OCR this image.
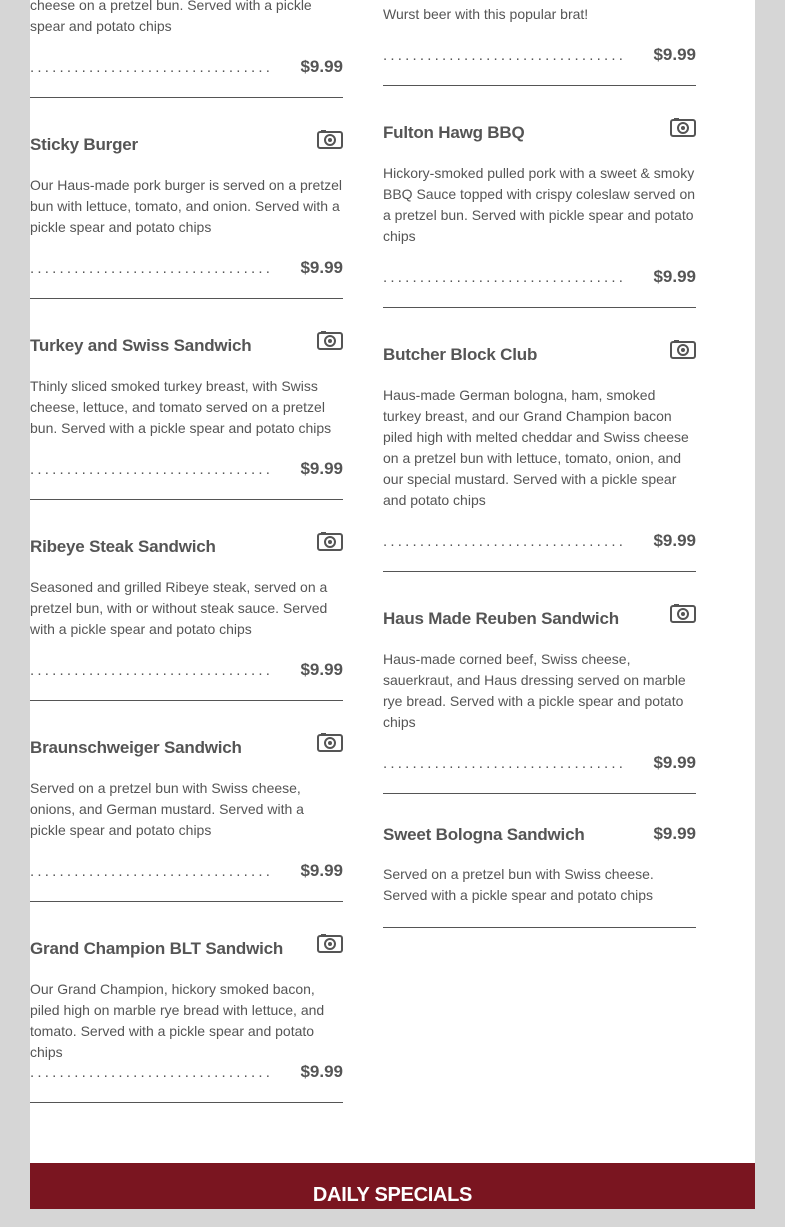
cheese on a pretzel bun. Served with a pickle spear and potato chips
.................................	$9.99
Sticky Burger
Our Haus-made pork burger is served on a pretzel bun with lettuce, tomato, and onion. Served with a pickle spear and potato chips
.................................	$9.99
Turkey and Swiss Sandwich
Thinly sliced smoked turkey breast, with Swiss cheese, lettuce, and tomato served on a pretzel bun. Served with a pickle spear and potato chips
.................................	$9.99
Ribeye Steak Sandwich
Seasoned and grilled Ribeye steak, served on a pretzel bun, with or without steak sauce. Served with a pickle spear and potato chips
.................................	$9.99
Braunschweiger Sandwich
Served on a pretzel bun with Swiss cheese, onions, and German mustard. Served with a pickle spear and potato chips
.................................	$9.99
Grand Champion BLT Sandwich
Our Grand Champion, hickory smoked bacon, piled high on marble rye bread with lettuce, and tomato. Served with a pickle spear and potato chips
.................................	$9.99
Wurst beer with this popular brat!
.................................	$9.99
Fulton Hawg BBQ
Hickory-smoked pulled pork with a sweet & smoky BBQ Sauce topped with crispy coleslaw served on a pretzel bun. Served with pickle spear and potato chips
.................................	$9.99
Butcher Block Club
Haus-made German bologna, ham, smoked turkey breast, and our Grand Champion bacon piled high with melted cheddar and Swiss cheese on a pretzel bun with lettuce, tomato, onion, and our special mustard. Served with a pickle spear and potato chips
.................................	$9.99
Haus Made Reuben Sandwich
Haus-made corned beef, Swiss cheese, sauerkraut, and Haus dressing served on marble rye bread. Served with a pickle spear and potato chips
.................................	$9.99
Sweet Bologna Sandwich	$9.99
Served on a pretzel bun with Swiss cheese. Served with a pickle spear and potato chips
DAILY SPECIALS
